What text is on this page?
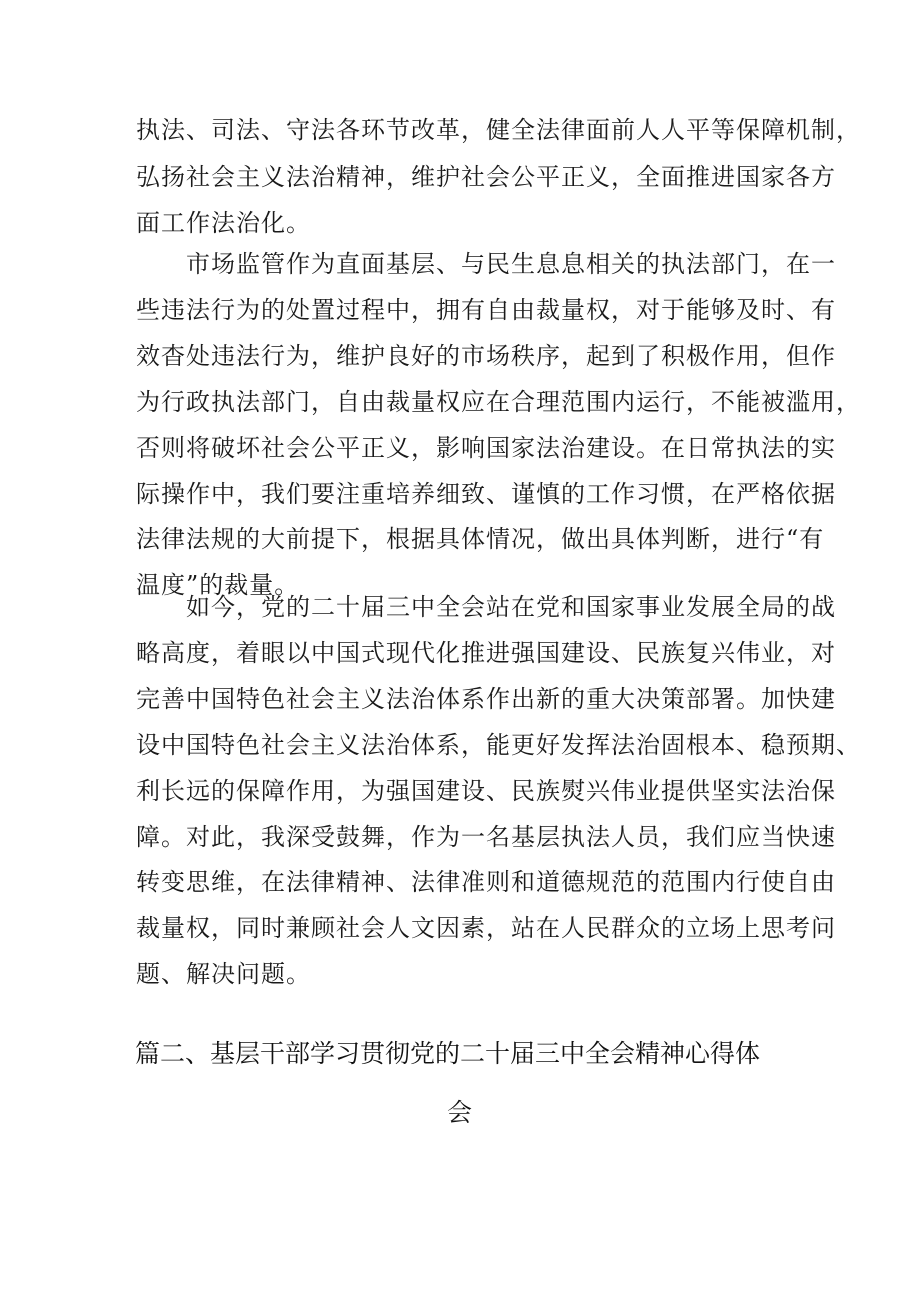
执法、司法、守法各环节改革，健全法律面前人人平等保障机制，
弘扬社会主义法治精神，维护社会公平正义，全面推进国家各方
面工作法治化。
　　市场监管作为直面基层、与民生息息相关的执法部门，在一
些违法行为的处置过程中，拥有自由裁量权，对于能够及时、有
效杳处违法行为，维护良好的市场秩序，起到了积极作用，但作
为行政执法部门，自由裁量权应在合理范围内运行，不能被滥用，
否则将破坏社会公平正义，影响国家法治建设。在日常执法的实
际操作中，我们要注重培养细致、谨慎的工作习惯，在严格依据
法律法规的大前提下，根据具体情况，做出具体判断，进行“有
温度”的裁量。
　　如今，党的二十届三中全会站在党和国家事业发展全局的战
略高度，着眼以中国式现代化推进强国建设、民族复兴伟业，对
完善中国特色社会主义法治体系作出新的重大决策部署。加快建
设中国特色社会主义法治体系，能更好发挥法治固根本、稳预期、
利长远的保障作用，为强国建设、民族熨兴伟业提供坚实法治保
障。对此，我深受鼓舞，作为一名基层执法人员，我们应当快速
转变思维，在法律精神、法律准则和道德规范的范围内行使自由
裁量权，同时兼顾社会人文因素，站在人民群众的立场上思考问
题、解决问题。
篇二、基层干部学习贯彻党的二十届三中全会精神心得体
会
